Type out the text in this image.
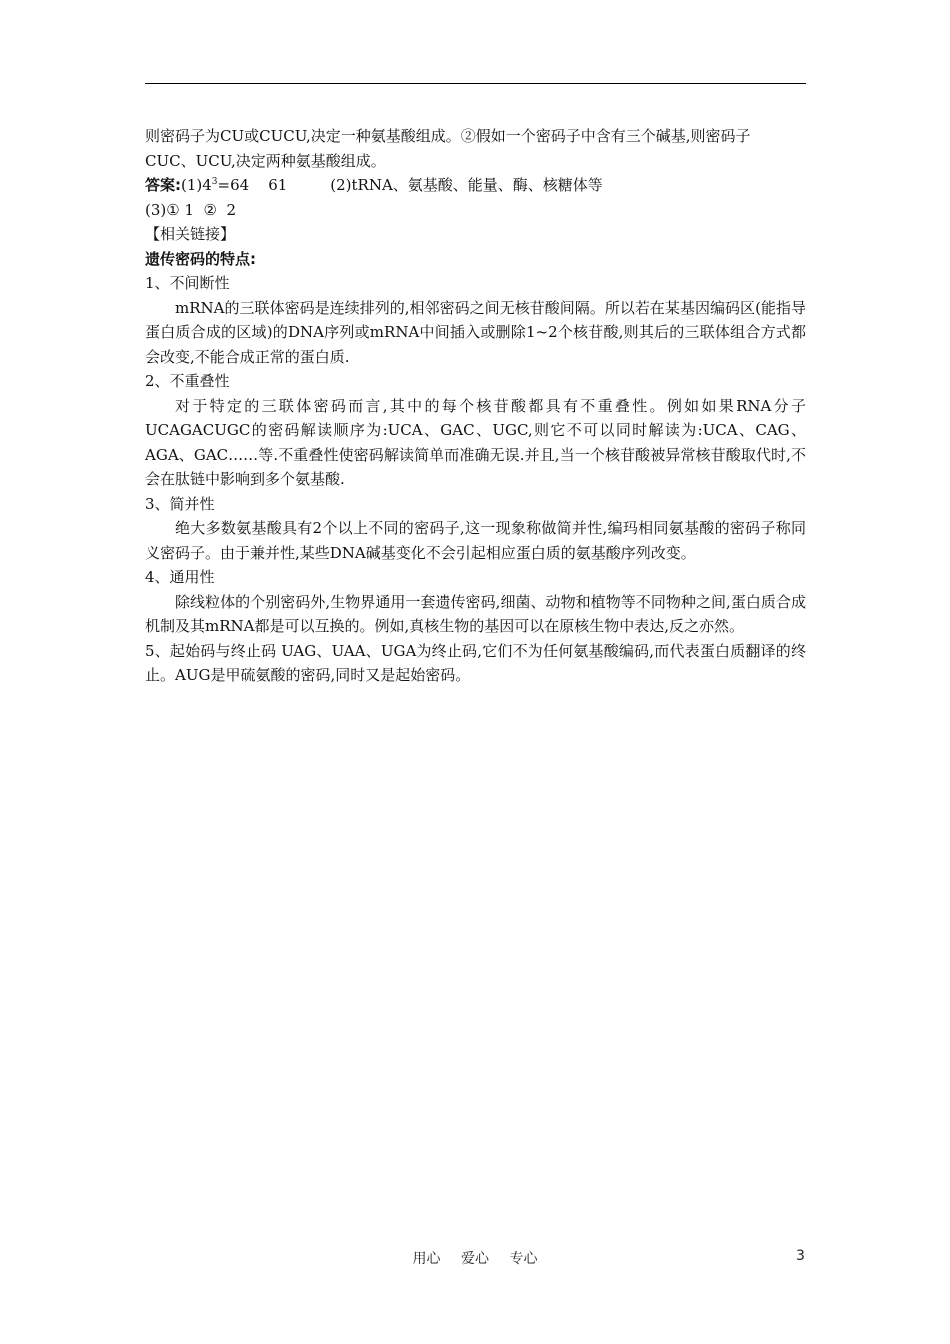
则密码子为CU或CUCU,决定一种氨基酸组成。②假如一个密码子中含有三个碱基,则密码子

CUC、UCU,决定两种氨基酸组成。

答案$:(1)4^3=64$    61         (2)tRNA、氨基酸、能量、酶、核糖体等

(3)① 1  ②  2

【相关链接】

遗传密码的特点:

1、不间断性

mRNA的三联体密码是连续排列的,相邻密码之间无核苷酸间隔。所以若在某基因编码区(能指导蛋白质合成的区域)的DNA序列或mRNA中间插入或删除1~2个核苷酸,则其后的三联体组合方式都会改变,不能合成正常的蛋白质.

2、不重叠性

对于特定的三联体密码而言,其中的每个核苷酸都具有不重叠性。例如如果RNA分子UCAGACUGC的密码解读顺序为:UCA、GAC、UGC,则它不可以同时解读为:UCA、CAG、AGA、GAC……等.不重叠性使密码解读简单而准确无误.并且,当一个核苷酸被异常核苷酸取代时,不会在肽链中影响到多个氨基酸.

3、简并性

绝大多数氨基酸具有2个以上不同的密码子,这一现象称做简并性,编玛相同氨基酸的密码子称同义密码子。由于兼并性,某些DNA碱基变化不会引起相应蛋白质的氨基酸序列改变。

4、通用性

除线粒体的个别密码外,生物界通用一套遗传密码,细菌、动物和植物等不同物种之间,蛋白质合成机制及其mRNA都是可以互换的。例如,真核生物的基因可以在原核生物中表达,反之亦然。

5、起始码与终止码 UAG、UAA、UGA为终止码,它们不为任何氨基酸编码,而代表蛋白质翻译的终止。AUG是甲硫氨酸的密码,同时又是起始密码。

用心 爱心 专心	3
